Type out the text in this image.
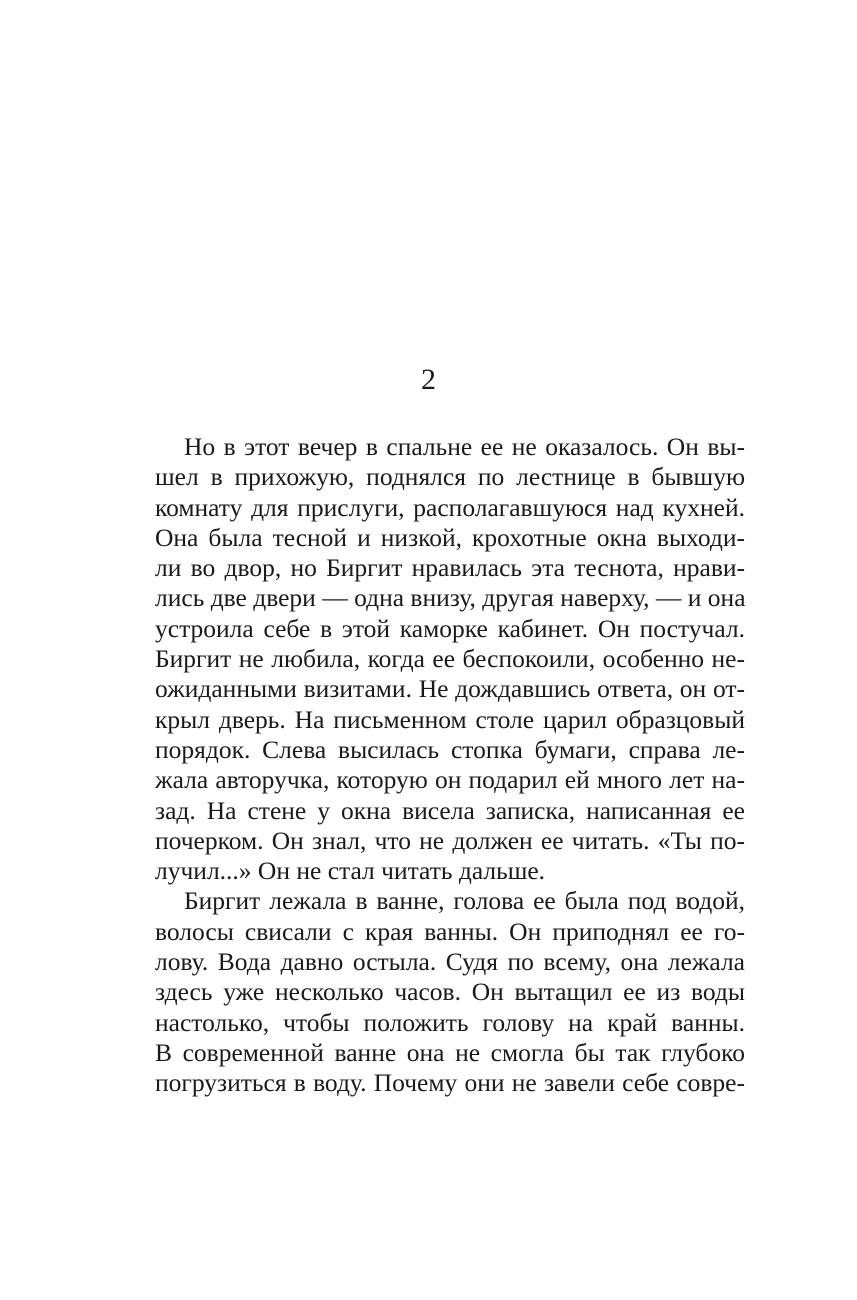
2
Но в этот вечер в спальне ее не оказалось. Он вы-
шел в прихожую, поднялся по лестнице в бывшую
комнату для прислуги, располагавшуюся над кухней.
Она была тесной и низкой, крохотные окна выходи-
ли во двор, но Биргит нравилась эта теснота, нрави-
лись две двери — одна внизу, другая наверху, — и она
устроила себе в этой каморке кабинет. Он постучал.
Биргит не любила, когда ее беспокоили, особенно не-
ожиданными визитами. Не дождавшись ответа, он от-
крыл дверь. На письменном столе царил образцовый
порядок. Слева высилась стопка бумаги, справа ле-
жала авторучка, которую он подарил ей много лет на-
зад. На стене у окна висела записка, написанная ее
почерком. Он знал, что не должен ее читать. «Ты по-
лучил...» Он не стал читать дальше.
Биргит лежала в ванне, голова ее была под водой,
волосы свисали с края ванны. Он приподнял ее го-
лову. Вода давно остыла. Судя по всему, она лежала
здесь уже несколько часов. Он вытащил ее из воды
настолько, чтобы положить голову на край ванны.
В современной ванне она не смогла бы так глубоко
погрузиться в воду. Почему они не завели себе совре-
